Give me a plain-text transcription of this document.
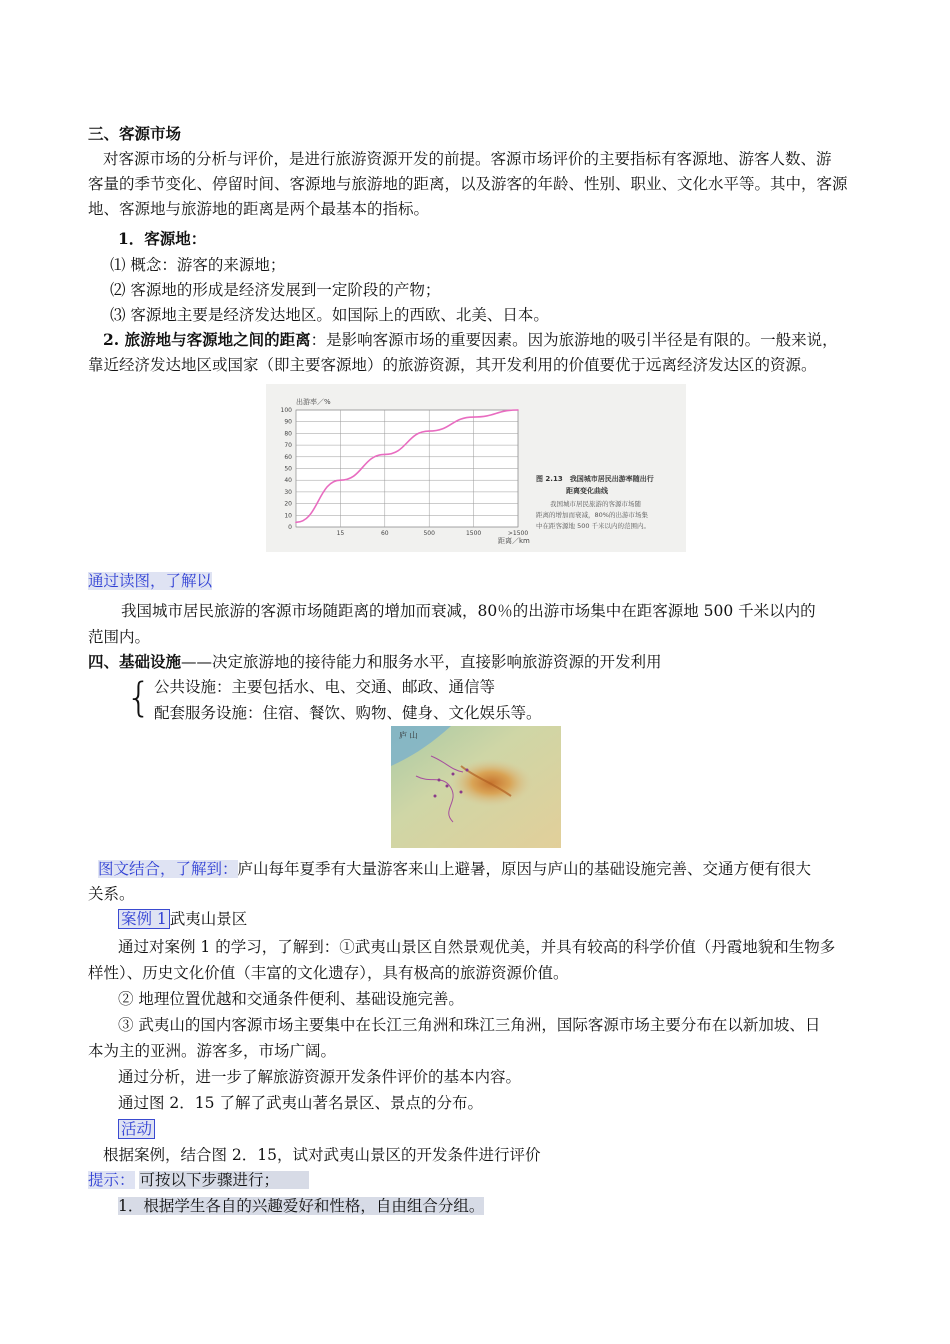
三、客源市场
对客源市场的分析与评价，是进行旅游资源开发的前提。客源市场评价的主要指标有客源地、游客人数、游
客量的季节变化、停留时间、客源地与旅游地的距离，以及游客的年龄、性别、职业、文化水平等。其中，客源
地、客源地与旅游地的距离是两个最基本的指标。
1．客源地：
⑴ 概念：游客的来源地；
⑵ 客源地的形成是经济发展到一定阶段的产物；
⑶ 客源地主要是经济发达地区。如国际上的西欧、北美、日本。
2. 旅游地与客源地之间的距离：是影响客源市场的重要因素。因为旅游地的吸引半径是有限的。一般来说，
靠近经济发达地区或国家（即主要客源地）的旅游资源，其开发利用的价值要优于远离经济发达区的资源。
100
90
80
70
60
50
40
30
20
10
0
15	60	500	1500	>1500
出游率／%
距离／km
图 2.13　我国城市居民出游率随出行
距离变化曲线
我国城市居民旅游的客源市场随
距离的增加而衰减，80%的出游市场集
中在距客源地 500 千米以内的范围内。
通过读图，了解以
我国城市居民旅游的客源市场随距离的增加而衰减，80％的出游市场集中在距客源地 500 千米以内的
范围内。
四、基础设施——决定旅游地的接待能力和服务水平，直接影响旅游资源的开发利用
{ 公共设施：主要包括水、电、交通、邮政、通信等
配套服务设施：住宿、餐饮、购物、健身、文化娱乐等。
庐 山
图文结合，了解到：庐山每年夏季有大量游客来山上避暑，原因与庐山的基础设施完善、交通方便有很大
关系。
案例 1 武夷山景区
通过对案例 1 的学习，了解到：①武夷山景区自然景观优美，并具有较高的科学价值（丹霞地貌和生物多
样性）、历史文化价值（丰富的文化遗存），具有极高的旅游资源价值。
② 地理位置优越和交通条件便利、基础设施完善。
③ 武夷山的国内客源市场主要集中在长江三角洲和珠江三角洲，国际客源市场主要分布在以新加坡、日
本为主的亚洲。游客多，市场广阔。
通过分析，进一步了解旅游资源开发条件评价的基本内容。
通过图 2．15 了解了武夷山著名景区、景点的分布。
活动
根据案例，结合图 2．15，试对武夷山景区的开发条件进行评价
提示： 可按以下步骤进行；
1．根据学生各自的兴趣爱好和性格，自由组合分组。
